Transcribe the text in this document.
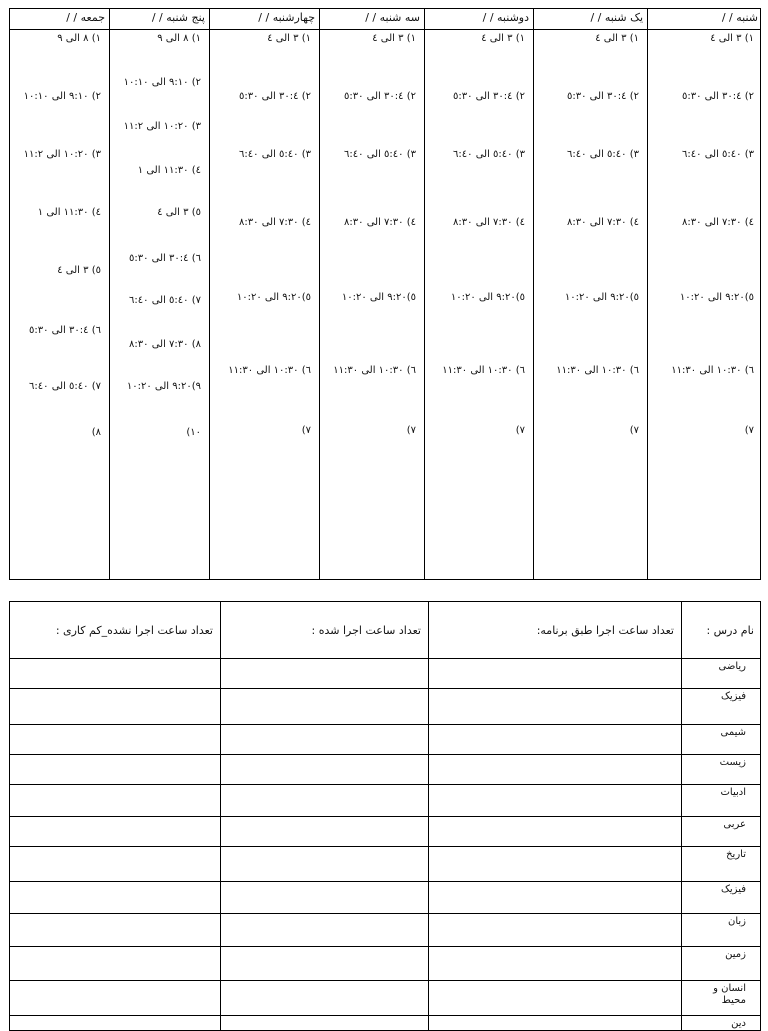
شنبه / /
۱) ۳ الی ٤
۲) ٤:۳۰ الی ٥:۳۰
۳) ٥:٤۰ الی ٦:٤۰
٤) ۷:۳۰ الی ۸:۳۰
٥)۹:۲۰ الی ۱۰:۲۰
٦) ۱۰:۳۰ الی ۱۱:۳۰
۷)
یک شنبه / /
۱) ۳ الی ٤
۲) ٤:۳۰ الی ٥:۳۰
۳) ٥:٤۰ الی ٦:٤۰
٤) ۷:۳۰ الی ۸:۳۰
٥)۹:۲۰ الی ۱۰:۲۰
٦) ۱۰:۳۰ الی ۱۱:۳۰
۷)
دوشنبه / /
۱) ۳ الی ٤
۲) ٤:۳۰ الی ٥:۳۰
۳) ٥:٤۰ الی ٦:٤۰
٤) ۷:۳۰ الی ۸:۳۰
٥)۹:۲۰ الی ۱۰:۲۰
٦) ۱۰:۳۰ الی ۱۱:۳۰
۷)
سه شنبه / /
۱) ۳ الی ٤
۲) ٤:۳۰ الی ٥:۳۰
۳) ٥:٤۰ الی ٦:٤۰
٤) ۷:۳۰ الی ۸:۳۰
٥)۹:۲۰ الی ۱۰:۲۰
٦) ۱۰:۳۰ الی ۱۱:۳۰
۷)
چهارشنبه / /
۱) ۳ الی ٤
۲) ٤:۳۰ الی ٥:۳۰
۳) ٥:٤۰ الی ٦:٤۰
٤) ۷:۳۰ الی ۸:۳۰
٥)۹:۲۰ الی ۱۰:۲۰
٦) ۱۰:۳۰ الی ۱۱:۳۰
۷)
پنج شنبه / /
۱) ۸ الی ۹
۲) ۹:۱۰ الی ۱۰:۱۰
۳) ۱۰:۲۰ الی ۱۱:۲
٤) ۱۱:۳۰ الی ۱
٥) ۳ الی ٤
٦) ٤:۳۰ الی ٥:۳۰
۷) ٥:٤۰ الی ٦:٤۰
۸) ۷:۳۰ الی ۸:۳۰
۹)۹:۲۰ الی ۱۰:۲۰
۱۰)
جمعه / /
۱) ۸ الی ۹
۲) ۹:۱۰ الی ۱۰:۱۰
۳) ۱۰:۲۰ الی ۱۱:۲
٤) ۱۱:۳۰ الی ۱
٥) ۳ الی ٤
٦) ٤:۳۰ الی ٥:۳۰
۷) ٥:٤۰ الی ٦:٤۰
۸)
نام درس :
تعداد ساعت اجرا طبق برنامه:
تعداد ساعت اجرا شده :
تعداد ساعت اجرا نشده_کم کاری :
ریاضی
فیزیک
شیمی
زیست
ادبیات
عربی
تاریخ
فیزیک
زبان
زمین
انسان و محیط
دین
